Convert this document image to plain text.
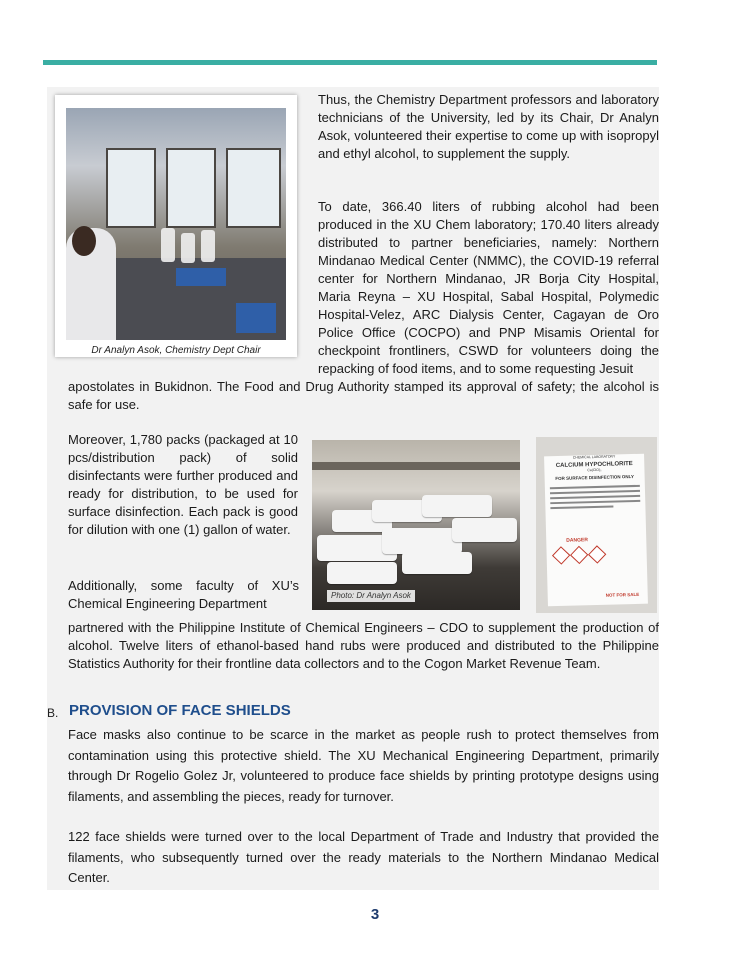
Dr Analyn Asok, Chemistry Dept Chair

Thus, the Chemistry Department professors and laboratory technicians of the University, led by its Chair, Dr Analyn Asok, volunteered their expertise to come up with isopropyl and ethyl alcohol, to supplement the supply.

To date, 366.40 liters of rubbing alcohol had been produced in the XU Chem laboratory; 170.40 liters already distributed to partner beneficiaries, namely: Northern Mindanao Medical Center (NMMC), the COVID-19 referral center for Northern Mindanao, JR Borja City Hospital, Maria Reyna – XU Hospital, Sabal Hospital, Polymedic Hospital-Velez, ARC Dialysis Center, Cagayan de Oro Police Office (COCPO) and PNP Misamis Oriental for checkpoint frontliners, CSWD for volunteers doing the repacking of food items, and to some requesting Jesuit

apostolates in Bukidnon. The Food and Drug Authority stamped its approval of safety; the alcohol is safe for use.

Moreover, 1,780 packs (packaged at 10 pcs/distribution pack) of solid disinfectants were further produced and ready for distribution, to be used for surface disinfection. Each pack is good for dilution with one (1) gallon of water.

Photo: Dr Analyn Asok
CHEMICAL LABORATORY
CALCIUM HYPOCHLORITE
Ca(ClO)₂
FOR SURFACE DISINFECTION ONLY
DANGER
NOT FOR SALE

Additionally, some faculty of XU’s Chemical Engineering Department

partnered with the Philippine Institute of Chemical Engineers – CDO to supplement the production of alcohol. Twelve liters of ethanol-based hand rubs were produced and distributed to the Philippine Statistics Authority for their frontline data collectors and to the Cogon Market Revenue Team.

B. PROVISION OF FACE SHIELDS

Face masks also continue to be scarce in the market as people rush to protect themselves from contamination using this protective shield. The XU Mechanical Engineering Department, primarily through Dr Rogelio Golez Jr, volunteered to produce face shields by printing prototype designs using filaments, and assembling the pieces, ready for turnover.

122 face shields were turned over to the local Department of Trade and Industry that provided the filaments, who subsequently turned over the ready materials to the Northern Mindanao Medical Center.

3
